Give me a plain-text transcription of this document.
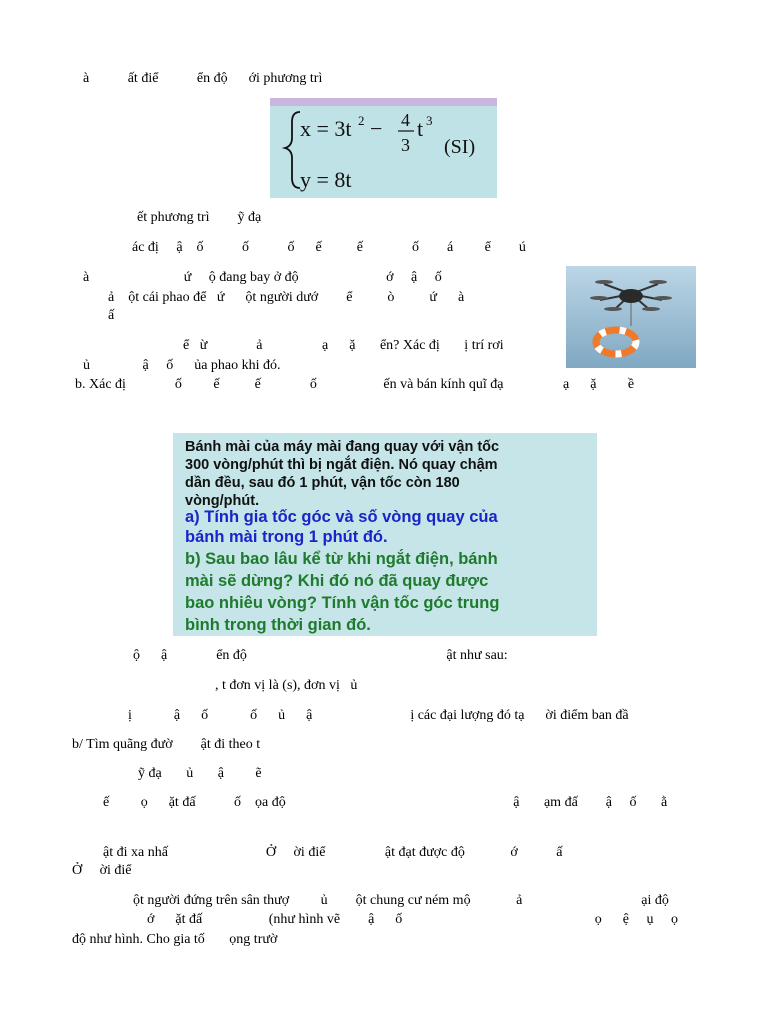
à           ất điể           ển độ      ới phương trì
x = 3t 2 − 4
3
t 3
(SI)
y = 8t
ết phương trì        ỹ đạ
ác đị     ậ    ố           ố           ố      ế          ế              ố        á         ể        ú
à                           ứ     ộ đang bay ở độ                         ớ     ậ     ố
ả    ột cái phao để   ứ      ột người dướ        ể          ò          ứ      à
ấ
ể   ừ              ả                 ạ      ặ       ển? Xác đị       ị trí rơi
ủ               ậ     ố      ủa phao khi đó.
b. Xác đị              ố         ế          ế              ố                   ến và bán kính quĩ đạ                 ạ      ặ         ề
Bánh mài của máy mài đang quay với vận tốc
300 vòng/phút thì bị ngắt điện. Nó quay chậm
dần đều, sau đó 1 phút, vận tốc còn 180
vòng/phút.
a) Tính gia tốc góc và số vòng quay của
bánh mài trong 1 phút đó.
b) Sau bao lâu kể từ khi ngắt điện, bánh
mài sẽ dừng? Khi đó nó đã quay được
bao nhiêu vòng? Tính vận tốc góc trung
bình trong thời gian đó.
ộ      ậ              ển độ                                                         ật như sau:
, t đơn vị là (s), đơn vị   ủ
ị            ậ      ố            ố      ủ      ậ                            ị các đại lượng đó tạ      ời điểm ban đầ
b/ Tìm quãng đườ        ật đi theo t
ỹ đạ       ủ       ậ         ẽ
ế         ọ      ặt đấ           ố    ọa độ                                                                 ậ       ạm đấ        ậ     ố       ằ
ật đi xa nhấ                            Ở     ời điể                 ật đạt được độ             ớ           ấ
Ở     ời điể
ột người đứng trên sân thượ         ủ        ột chung cư ném mộ             ả                                  ại độ
ớ      ặt đấ                   (như hình vẽ        ậ      ố                                                       ọ      ệ     ụ     ọ
độ như hình. Cho gia tố       ọng trườ
